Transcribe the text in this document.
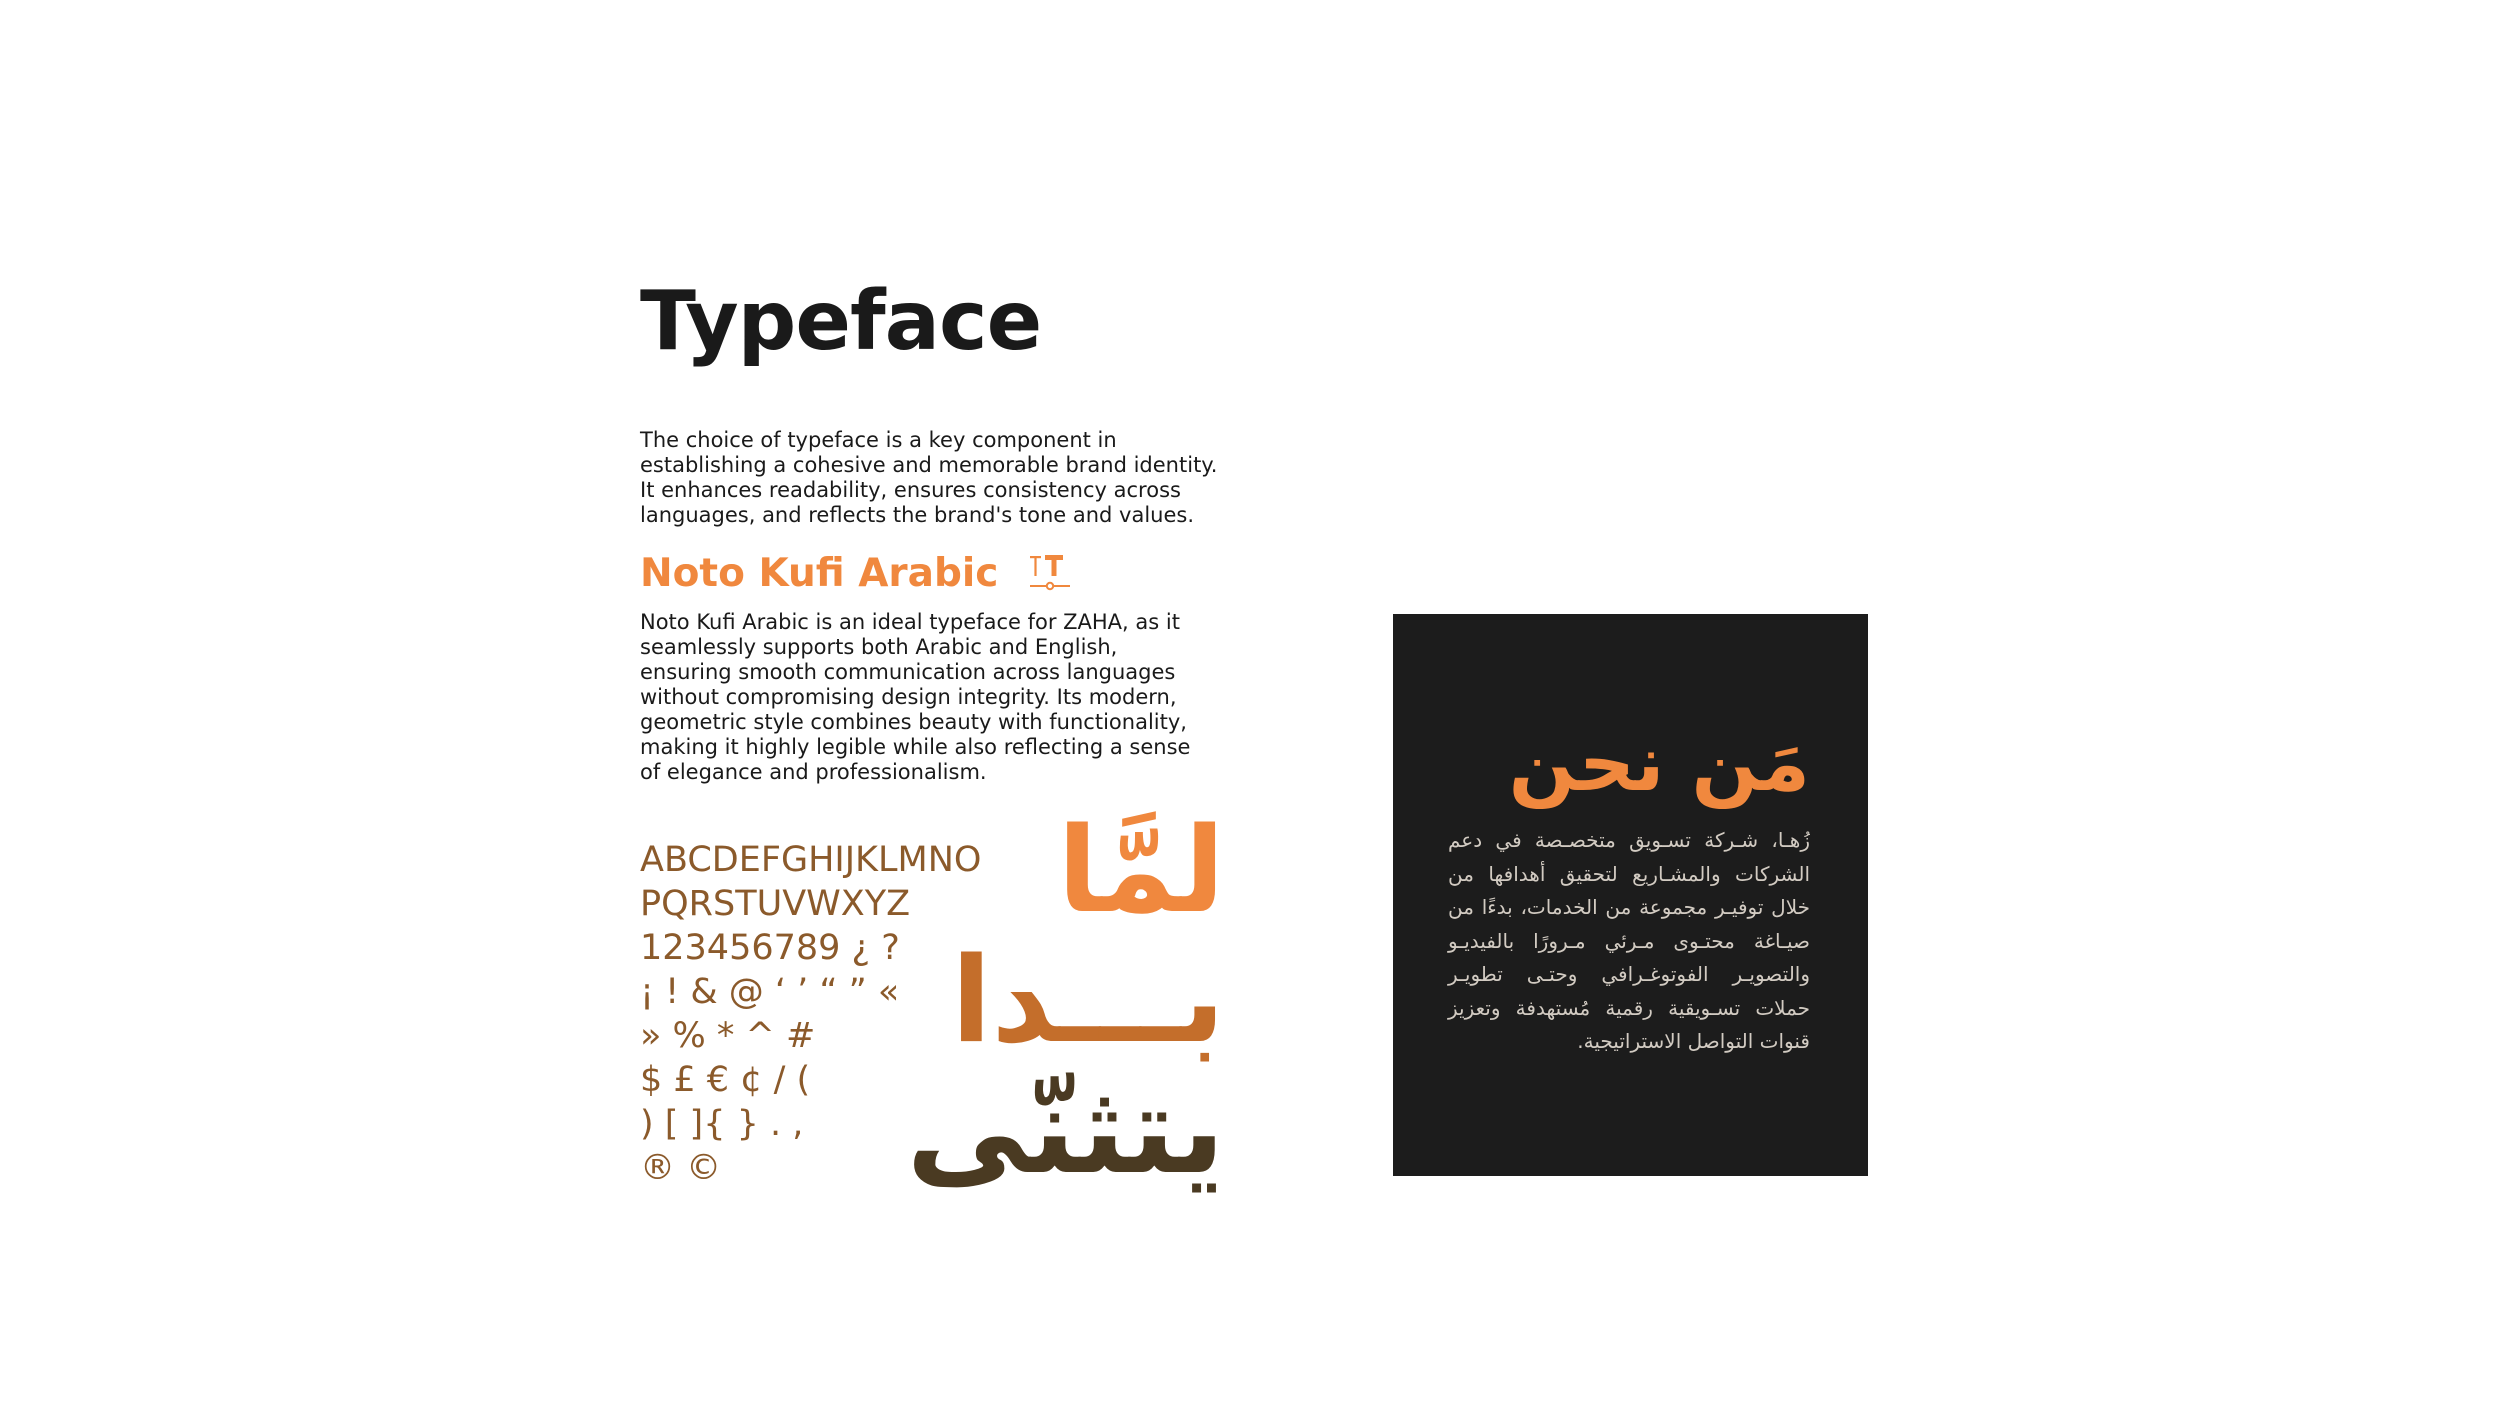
Typeface

The choice of typeface is a key component in establishing a cohesive and memorable brand identity. It enhances readability, ensures consistency across languages, and reflects the brand's tone and values.

Noto Kufi Arabic

Noto Kufi Arabic is an ideal typeface for ZAHA, as it seamlessly supports both Arabic and English, ensuring smooth communication across languages without compromising design integrity. Its modern, geometric style combines beauty with functionality, making it highly legible while also reflecting a sense of elegance and professionalism.

ABCDEFGHIJKLMNO
PQRSTUVWXYZ
123456789 ¿ ?
¡ ! & @ ‘ ’ “ ” «
» % * ^ #
$ £ € ¢ / (
) [ ]{ } . ,
® ©
لمَّا
بـــدا
يتثنّى
مَن نحن

زُهـا، شـركة تسـويق متخصـصة في دعم الشركات والمشـاريع لتحقيق أهدافها من خلال توفيـر مجموعة من الخدمات، بدءًا من صيـاغة محتـوى مـرئي مـرورًا بالفيديـو والتصويـر الفوتوغـرافي وحتـى تطويـر حملات تسـويقية رقمية مُستهدفة وتعزيز قنوات التواصل الاستراتيجية.
